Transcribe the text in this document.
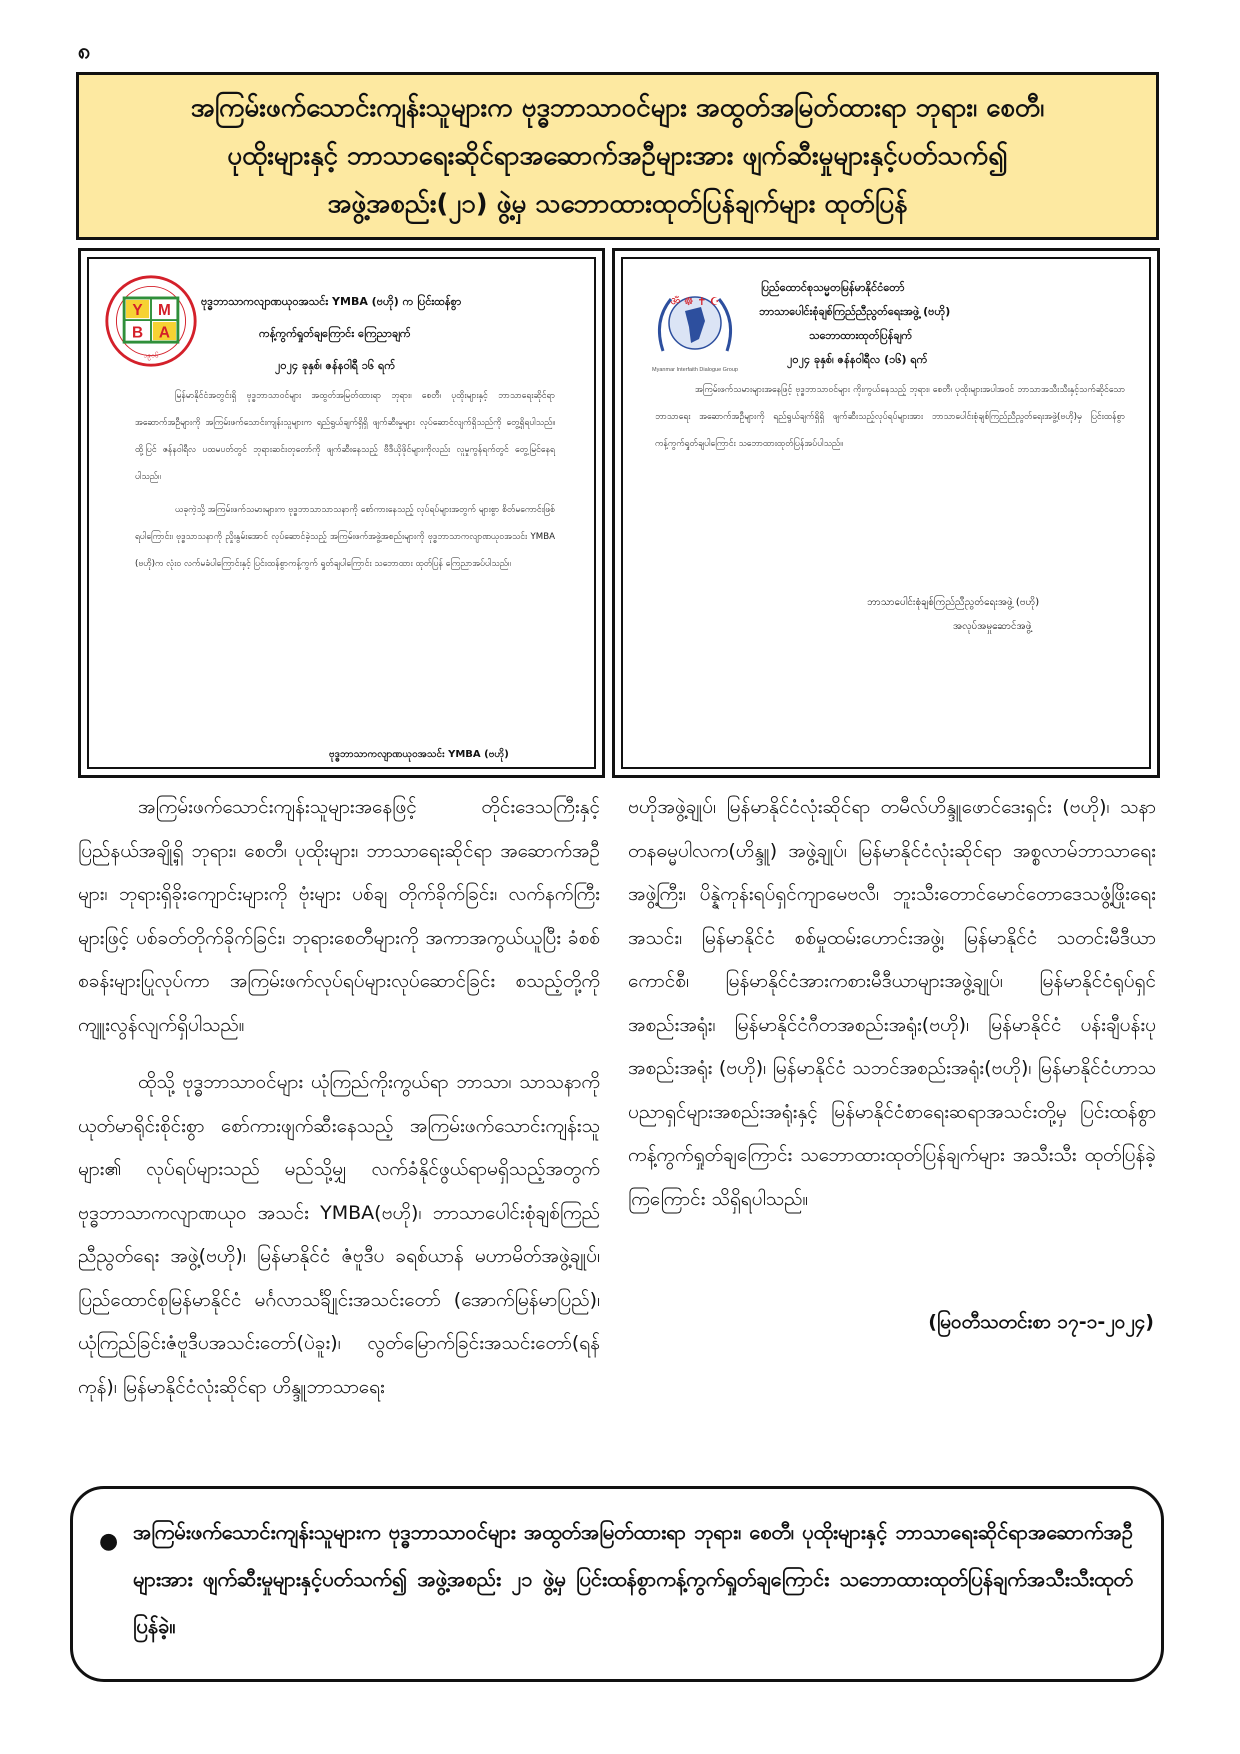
၈
အကြမ်းဖက်သောင်းကျန်းသူများက ဗုဒ္ဓဘာသာဝင်များ အထွတ်အမြတ်ထားရာ ဘုရား၊ စေတီ၊
ပုထိုးများနှင့် ဘာသာရေးဆိုင်ရာအဆောက်အဦများအား ဖျက်ဆီးမှုများနှင့်ပတ်သက်၍
အဖွဲ့အစည်း(၂၁) ဖွဲ့မှ သဘောထားထုတ်ပြန်ချက်များ ထုတ်ပြန်
Y M
B A
၁၉၀၆
ဗုဒ္ဓဘာသာကလျာဏယုဝအသင်း YMBA (ဗဟို) က ပြင်းထန်စွာ
ကန့်ကွက်ရှုတ်ချကြောင်း ကြေညာချက်
၂၀၂၄ ခုနှစ်၊ ဇန်နဝါရီ ၁၆ ရက်

မြန်မာနိုင်ငံအတွင်းရှိ ဗုဒ္ဓဘာသာဝင်များ အထွတ်အမြတ်ထားရာ ဘုရား၊ စေတီ၊ ပုထိုးများနှင့် ဘာသာရေးဆိုင်ရာ အဆောက်အဦများကို အကြမ်းဖက်သောင်းကျန်းသူများက ရည်ရွယ်ချက်ရှိရှိ ဖျက်ဆီးမှုများ လုပ်ဆောင်လျက်ရှိသည်ကို တွေ့ရှိရပါသည်။ ထို့ပြင် ဇန်နဝါရီလ ပထမပတ်တွင် ဘုရားဆင်းတုတော်ကို ဖျက်ဆီးနေသည့် ဗီဒီယိုဖိုင်များကိုလည်း လူမှုကွန်ရက်တွင် တွေ့မြင်နေရပါသည်။

ယခုကဲ့သို့ အကြမ်းဖက်သမားများက ဗုဒ္ဓဘာသာသာသနာကို စော်ကားနေသည့် လုပ်ရပ်များအတွက် များစွာ စိတ်မကောင်းဖြစ်ရပါကြောင်း၊ ဗုဒ္ဓသာသနာကို ညှိုးနွမ်းအောင် လုပ်ဆောင်ခဲ့သည့် အကြမ်းဖက်အဖွဲ့အစည်းများကို ဗုဒ္ဓဘာသာကလျာဏယုဝအသင်း YMBA (ဗဟို)က လုံးဝ လက်မခံပါကြောင်းနှင့် ပြင်းထန်စွာကန့်ကွက် ရှုတ်ချပါကြောင်း သဘောထား ထုတ်ပြန် ကြေညာအပ်ပါသည်။

ဗုဒ္ဓဘာသာကလျာဏယုဝအသင်း YMBA (ဗဟို)
ॐ ☸ ✝ ☪
Myanmar Interfaith Dialogue Group
ပြည်ထောင်စုသမ္မတမြန်မာနိုင်ငံတော်
ဘာသာပေါင်းစုံချစ်ကြည်ညီညွတ်ရေးအဖွဲ့ (ဗဟို)
သဘောထားထုတ်ပြန်ချက်
၂၀၂၄ ခုနှစ်၊ ဇန်နဝါရီလ (၁၆) ရက်

အကြမ်းဖက်သမားများအနေဖြင့် ဗုဒ္ဓဘာသာဝင်များ ကိုးကွယ်နေသည့် ဘုရား၊ စေတီ၊ ပုထိုးများအပါအဝင် ဘာသာအသီးသီးနှင့်သက်ဆိုင်သော ဘာသာရေး အဆောက်အဦများကို ရည်ရွယ်ချက်ရှိရှိ ဖျက်ဆီးသည့်လုပ်ရပ်များအား ဘာသာပေါင်းစုံချစ်ကြည်ညီညွတ်ရေးအဖွဲ့(ဗဟို)မှ ပြင်းထန်စွာကန့်ကွက်ရှုတ်ချပါကြောင်း သဘောထားထုတ်ပြန်အပ်ပါသည်။

ဘာသာပေါင်းစုံချစ်ကြည်ညီညွတ်ရေးအဖွဲ့ (ဗဟို)
အလုပ်အမှုဆောင်အဖွဲ့

အကြမ်းဖက်သောင်းကျန်းသူများအနေဖြင့် တိုင်းဒေသကြီးနှင့် ပြည်နယ်အချို့ရှိ ဘုရား၊ စေတီ၊ ပုထိုးများ၊ ဘာသာရေးဆိုင်ရာ အဆောက်အဦများ၊ ဘုရားရှိခိုးကျောင်းများကို ဗုံးများ ပစ်ချ တိုက်ခိုက်ခြင်း၊ လက်နက်ကြီးများဖြင့် ပစ်ခတ်တိုက်ခိုက်ခြင်း၊ ဘုရားစေတီများကို အကာအကွယ်ယူပြီး ခံစစ်စခန်းများပြုလုပ်ကာ အကြမ်းဖက်လုပ်ရပ်များလုပ်ဆောင်ခြင်း စသည့်တို့ကို ကျူးလွန်လျက်ရှိပါသည်။

ထိုသို့ ဗုဒ္ဓဘာသာဝင်များ ယုံကြည်ကိုးကွယ်ရာ ဘာသာ၊ သာသနာကို ယုတ်မာရိုင်းစိုင်းစွာ စော်ကားဖျက်ဆီးနေသည့် အကြမ်းဖက်သောင်းကျန်းသူများ၏ လုပ်ရပ်များသည် မည်သို့မျှ လက်ခံနိုင်ဖွယ်ရာမရှိသည့်အတွက် ဗုဒ္ဓဘာသာကလျာဏယုဝ အသင်း YMBA(ဗဟို)၊ ဘာသာပေါင်းစုံချစ်ကြည်ညီညွတ်ရေး အဖွဲ့(ဗဟို)၊ မြန်မာနိုင်ငံ ဇံဗူဒီပ ခရစ်ယာန် မဟာမိတ်အဖွဲ့ချုပ်၊ ပြည်ထောင်စုမြန်မာနိုင်ငံ မင်္ဂလာသင်္ချိုင်းအသင်းတော် (အောက်မြန်မာပြည်)၊ ယုံကြည်ခြင်းဇံဗူဒီပအသင်းတော်(ပဲခူး)၊ လွတ်မြောက်ခြင်းအသင်းတော်(ရန်ကုန်)၊ မြန်မာနိုင်ငံလုံးဆိုင်ရာ ဟိန္ဒူဘာသာရေး

ဗဟိုအဖွဲ့ချုပ်၊ မြန်မာနိုင်ငံလုံးဆိုင်ရာ တမီလ်ဟိန္ဒူဖောင်ဒေးရှင်း (ဗဟို)၊ သနာတနဓမ္မပါလက(ဟိန္ဒူ) အဖွဲ့ချုပ်၊ မြန်မာနိုင်ငံလုံးဆိုင်ရာ အစ္စလာမ်ဘာသာရေးအဖွဲ့ကြီး၊ ပိန္နဲကုန်းရပ်ရှင်ကျာမေဗလီ၊ ဘူးသီးတောင်မောင်တောဒေသဖွံ့ဖြိုးရေးအသင်း၊ မြန်မာနိုင်ငံ စစ်မှုထမ်းဟောင်းအဖွဲ့၊ မြန်မာနိုင်ငံ သတင်းမီဒီယာကောင်စီ၊ မြန်မာနိုင်ငံအားကစားမီဒီယာများအဖွဲ့ချုပ်၊ မြန်မာနိုင်ငံရုပ်ရှင်အစည်းအရုံး၊ မြန်မာနိုင်ငံဂီတအစည်းအရုံး(ဗဟို)၊ မြန်မာနိုင်ငံ ပန်းချီပန်းပုအစည်းအရုံး (ဗဟို)၊ မြန်မာနိုင်ငံ သဘင်အစည်းအရုံး(ဗဟို)၊ မြန်မာနိုင်ငံဟာသပညာရှင်များအစည်းအရုံးနှင့် မြန်မာနိုင်ငံစာရေးဆရာအသင်းတို့မှ ပြင်းထန်စွာကန့်ကွက်ရှုတ်ချကြောင်း သဘောထားထုတ်ပြန်ချက်များ အသီးသီး ထုတ်ပြန်ခဲ့ကြကြောင်း သိရှိရပါသည်။

(မြဝတီသတင်းစာ ၁၇-၁-၂၀၂၄)
● အကြမ်းဖက်သောင်းကျန်းသူများက ဗုဒ္ဓဘာသာဝင်များ အထွတ်အမြတ်ထားရာ ဘုရား၊ စေတီ၊ ပုထိုးများနှင့် ဘာသာရေးဆိုင်ရာအဆောက်အဦများအား ဖျက်ဆီးမှုများနှင့်ပတ်သက်၍ အဖွဲ့အစည်း ၂၁ ဖွဲ့မှ ပြင်းထန်စွာကန့်ကွက်ရှုတ်ချကြောင်း သဘောထားထုတ်ပြန်ချက်အသီးသီးထုတ်ပြန်ခဲ့။
